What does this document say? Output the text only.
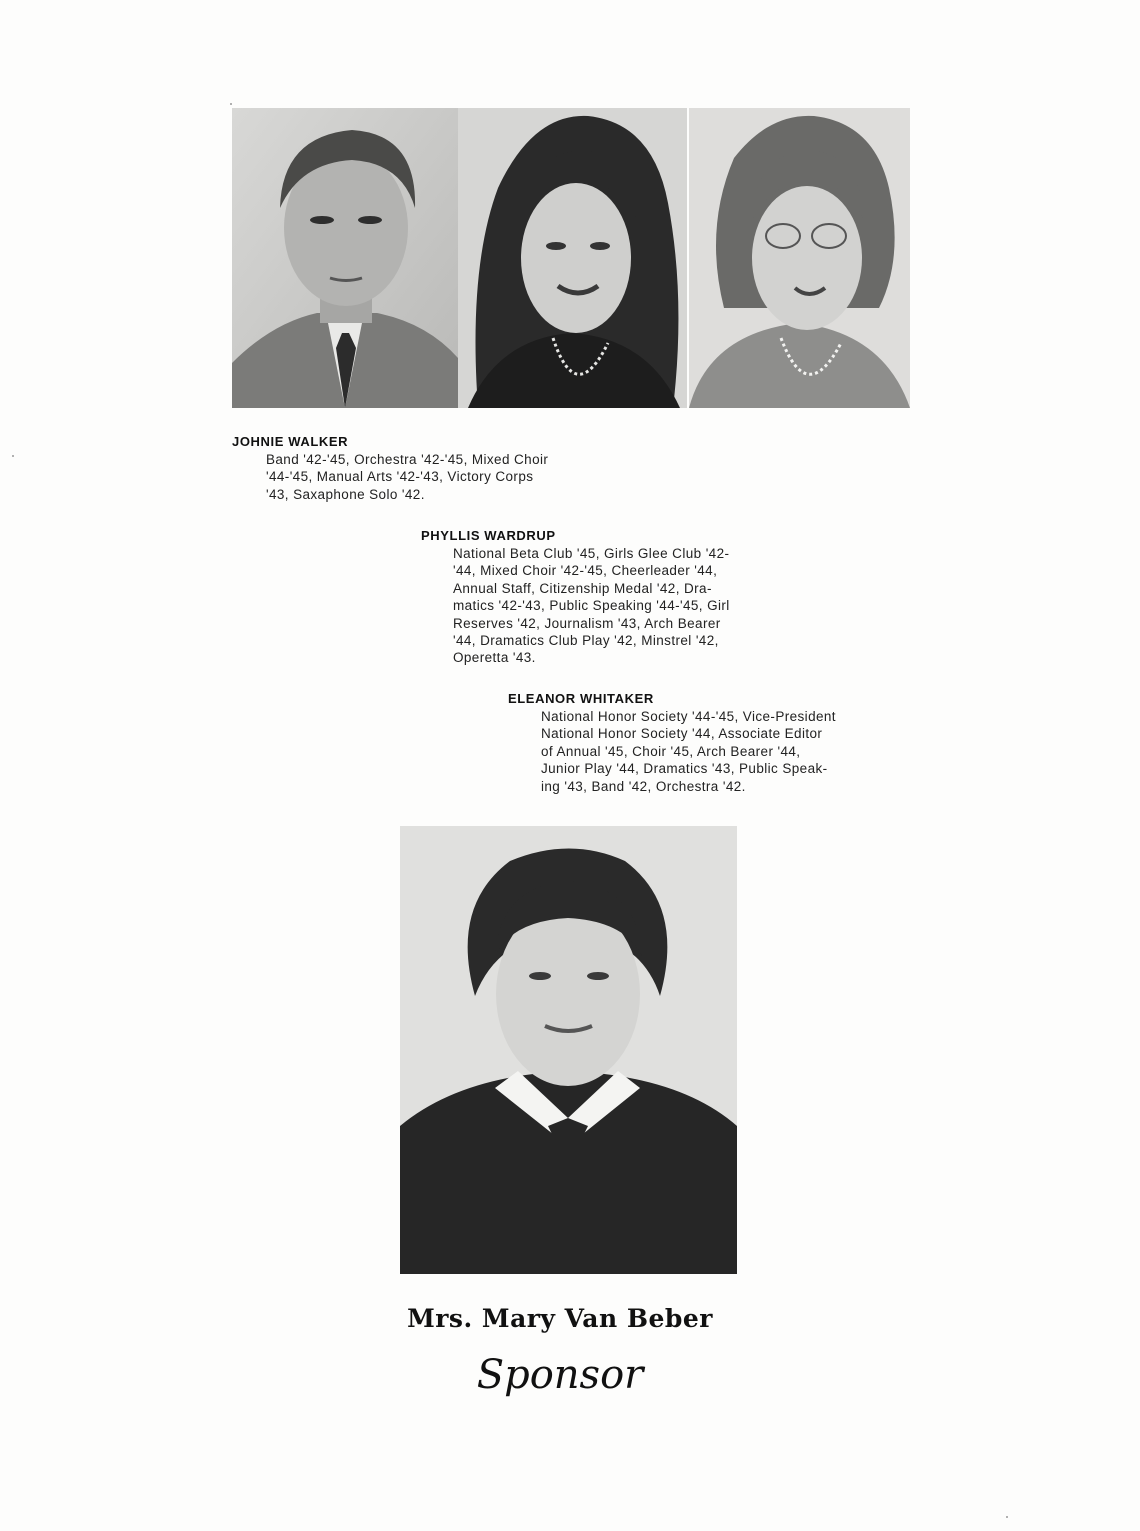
JOHNIE WALKER
Band '42-'45, Orchestra '42-'45, Mixed Choir
'44-'45, Manual Arts '42-'43, Victory Corps
'43, Saxaphone Solo '42.
PHYLLIS WARDRUP
National Beta Club '45, Girls Glee Club '42-
'44, Mixed Choir '42-'45, Cheerleader '44,
Annual Staff, Citizenship Medal '42, Dra-
matics '42-'43, Public Speaking '44-'45, Girl
Reserves '42, Journalism '43, Arch Bearer
'44, Dramatics Club Play '42, Minstrel '42,
Operetta '43.
ELEANOR WHITAKER
National Honor Society '44-'45, Vice-President
National Honor Society '44, Associate Editor
of Annual '45, Choir '45, Arch Bearer '44,
Junior Play '44, Dramatics '43, Public Speak-
ing '43, Band '42, Orchestra '42.
Mrs. Mary Van Beber
Sponsor
